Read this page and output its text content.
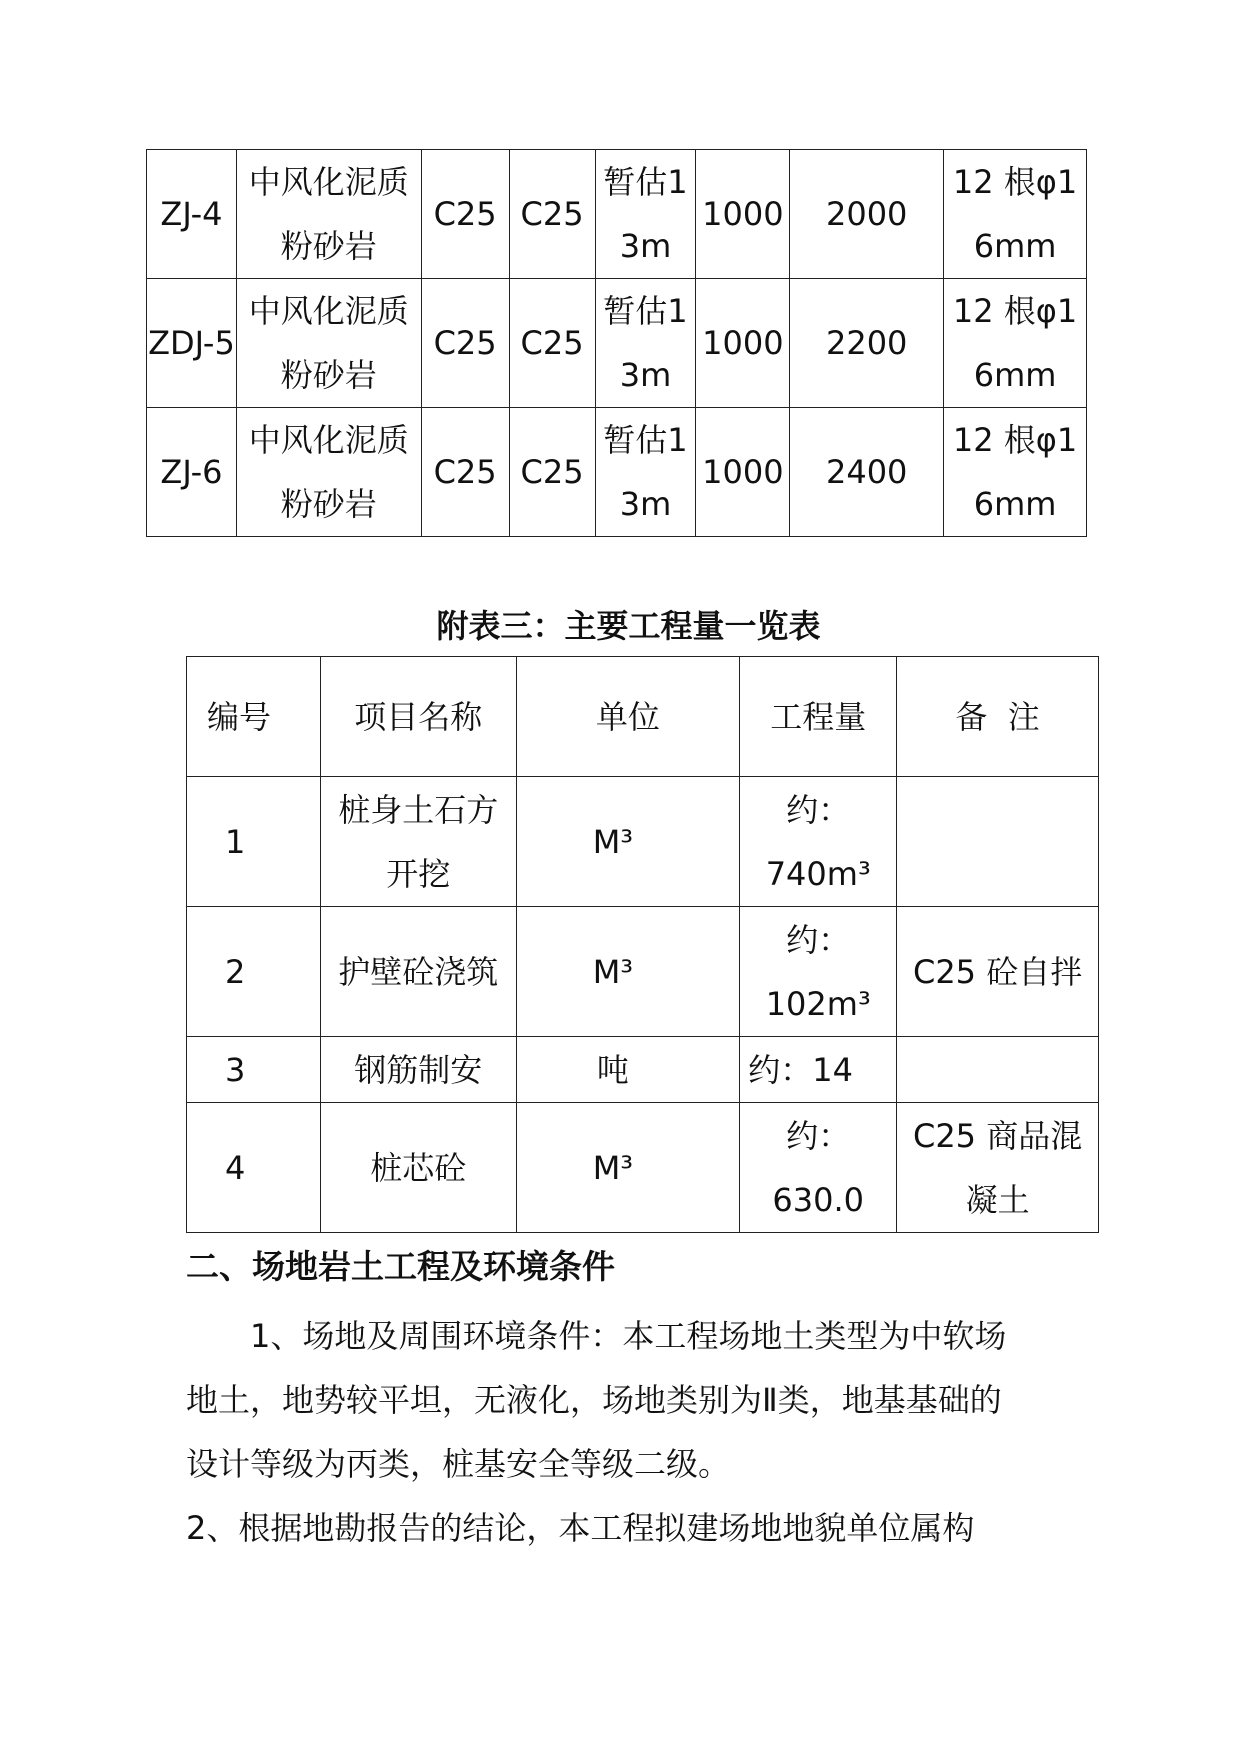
ZJ-4	中风化泥质粉砂岩	C25	C25	暂估13m	1000	2000	12 根φ16mm
ZDJ-5	中风化泥质粉砂岩	C25	C25	暂估13m	1000	2200	12 根φ16mm
ZJ-6	中风化泥质粉砂岩	C25	C25	暂估13m	1000	2400	12 根φ16mm
附表三：主要工程量一览表
编号	项目名称	单位	工程量	备  注
1	桩身土石方开挖	M³	约：740m³	
2	护壁砼浇筑	M³	约：102m³	C25 砼自拌
3	钢筋制安	吨	约：14	
4	桩芯砼	M³	约：630.0	C25 商品混凝土
二、场地岩土工程及环境条件
1、场地及周围环境条件：本工程场地土类型为中软场地土，地势较平坦，无液化，场地类别为Ⅱ类，地基基础的设计等级为丙类，桩基安全等级二级。
2、根据地勘报告的结论，本工程拟建场地地貌单位属构
